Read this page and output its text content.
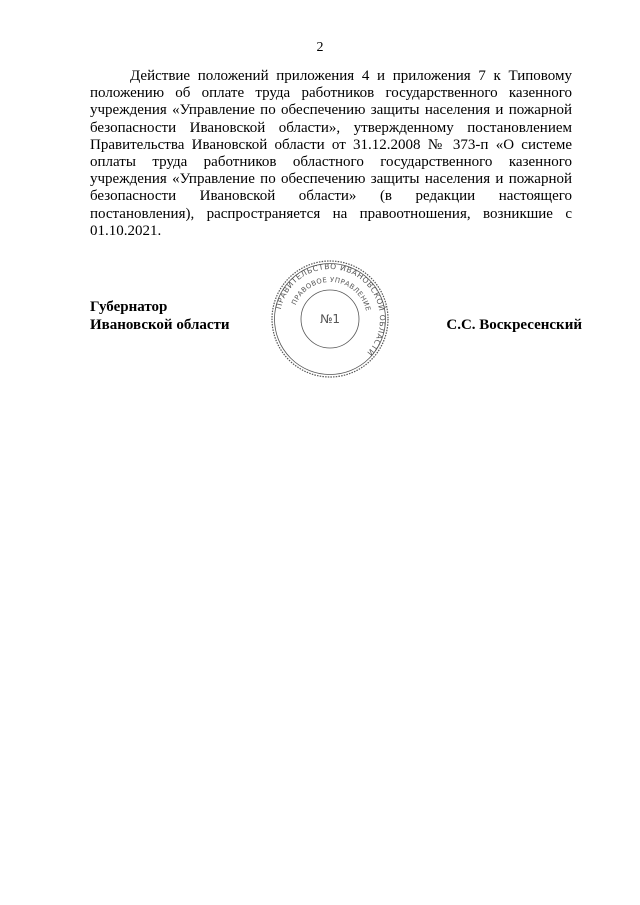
2

Действие положений приложения 4 и приложения 7 к Типовому положению об оплате труда работников государственного казенного учреждения «Управление по обеспечению защиты населения и пожарной безопасности Ивановской области», утвержденному постановлением Правительства Ивановской области от 31.12.2008 № 373-п «О системе оплаты труда работников областного государственного казенного учреждения «Управление по обеспечению защиты населения и пожарной безопасности Ивановской области» (в редакции настоящего постановления), распространяется на правоотношения, возникшие с 01.10.2021.

Губернатор
Ивановской области	С.С. Воскресенский
ПРАВИТЕЛЬСТВО ИВАНОВСКОЙ ОБЛАСТИ
ПРАВОВОЕ УПРАВЛЕНИЕ
№1
